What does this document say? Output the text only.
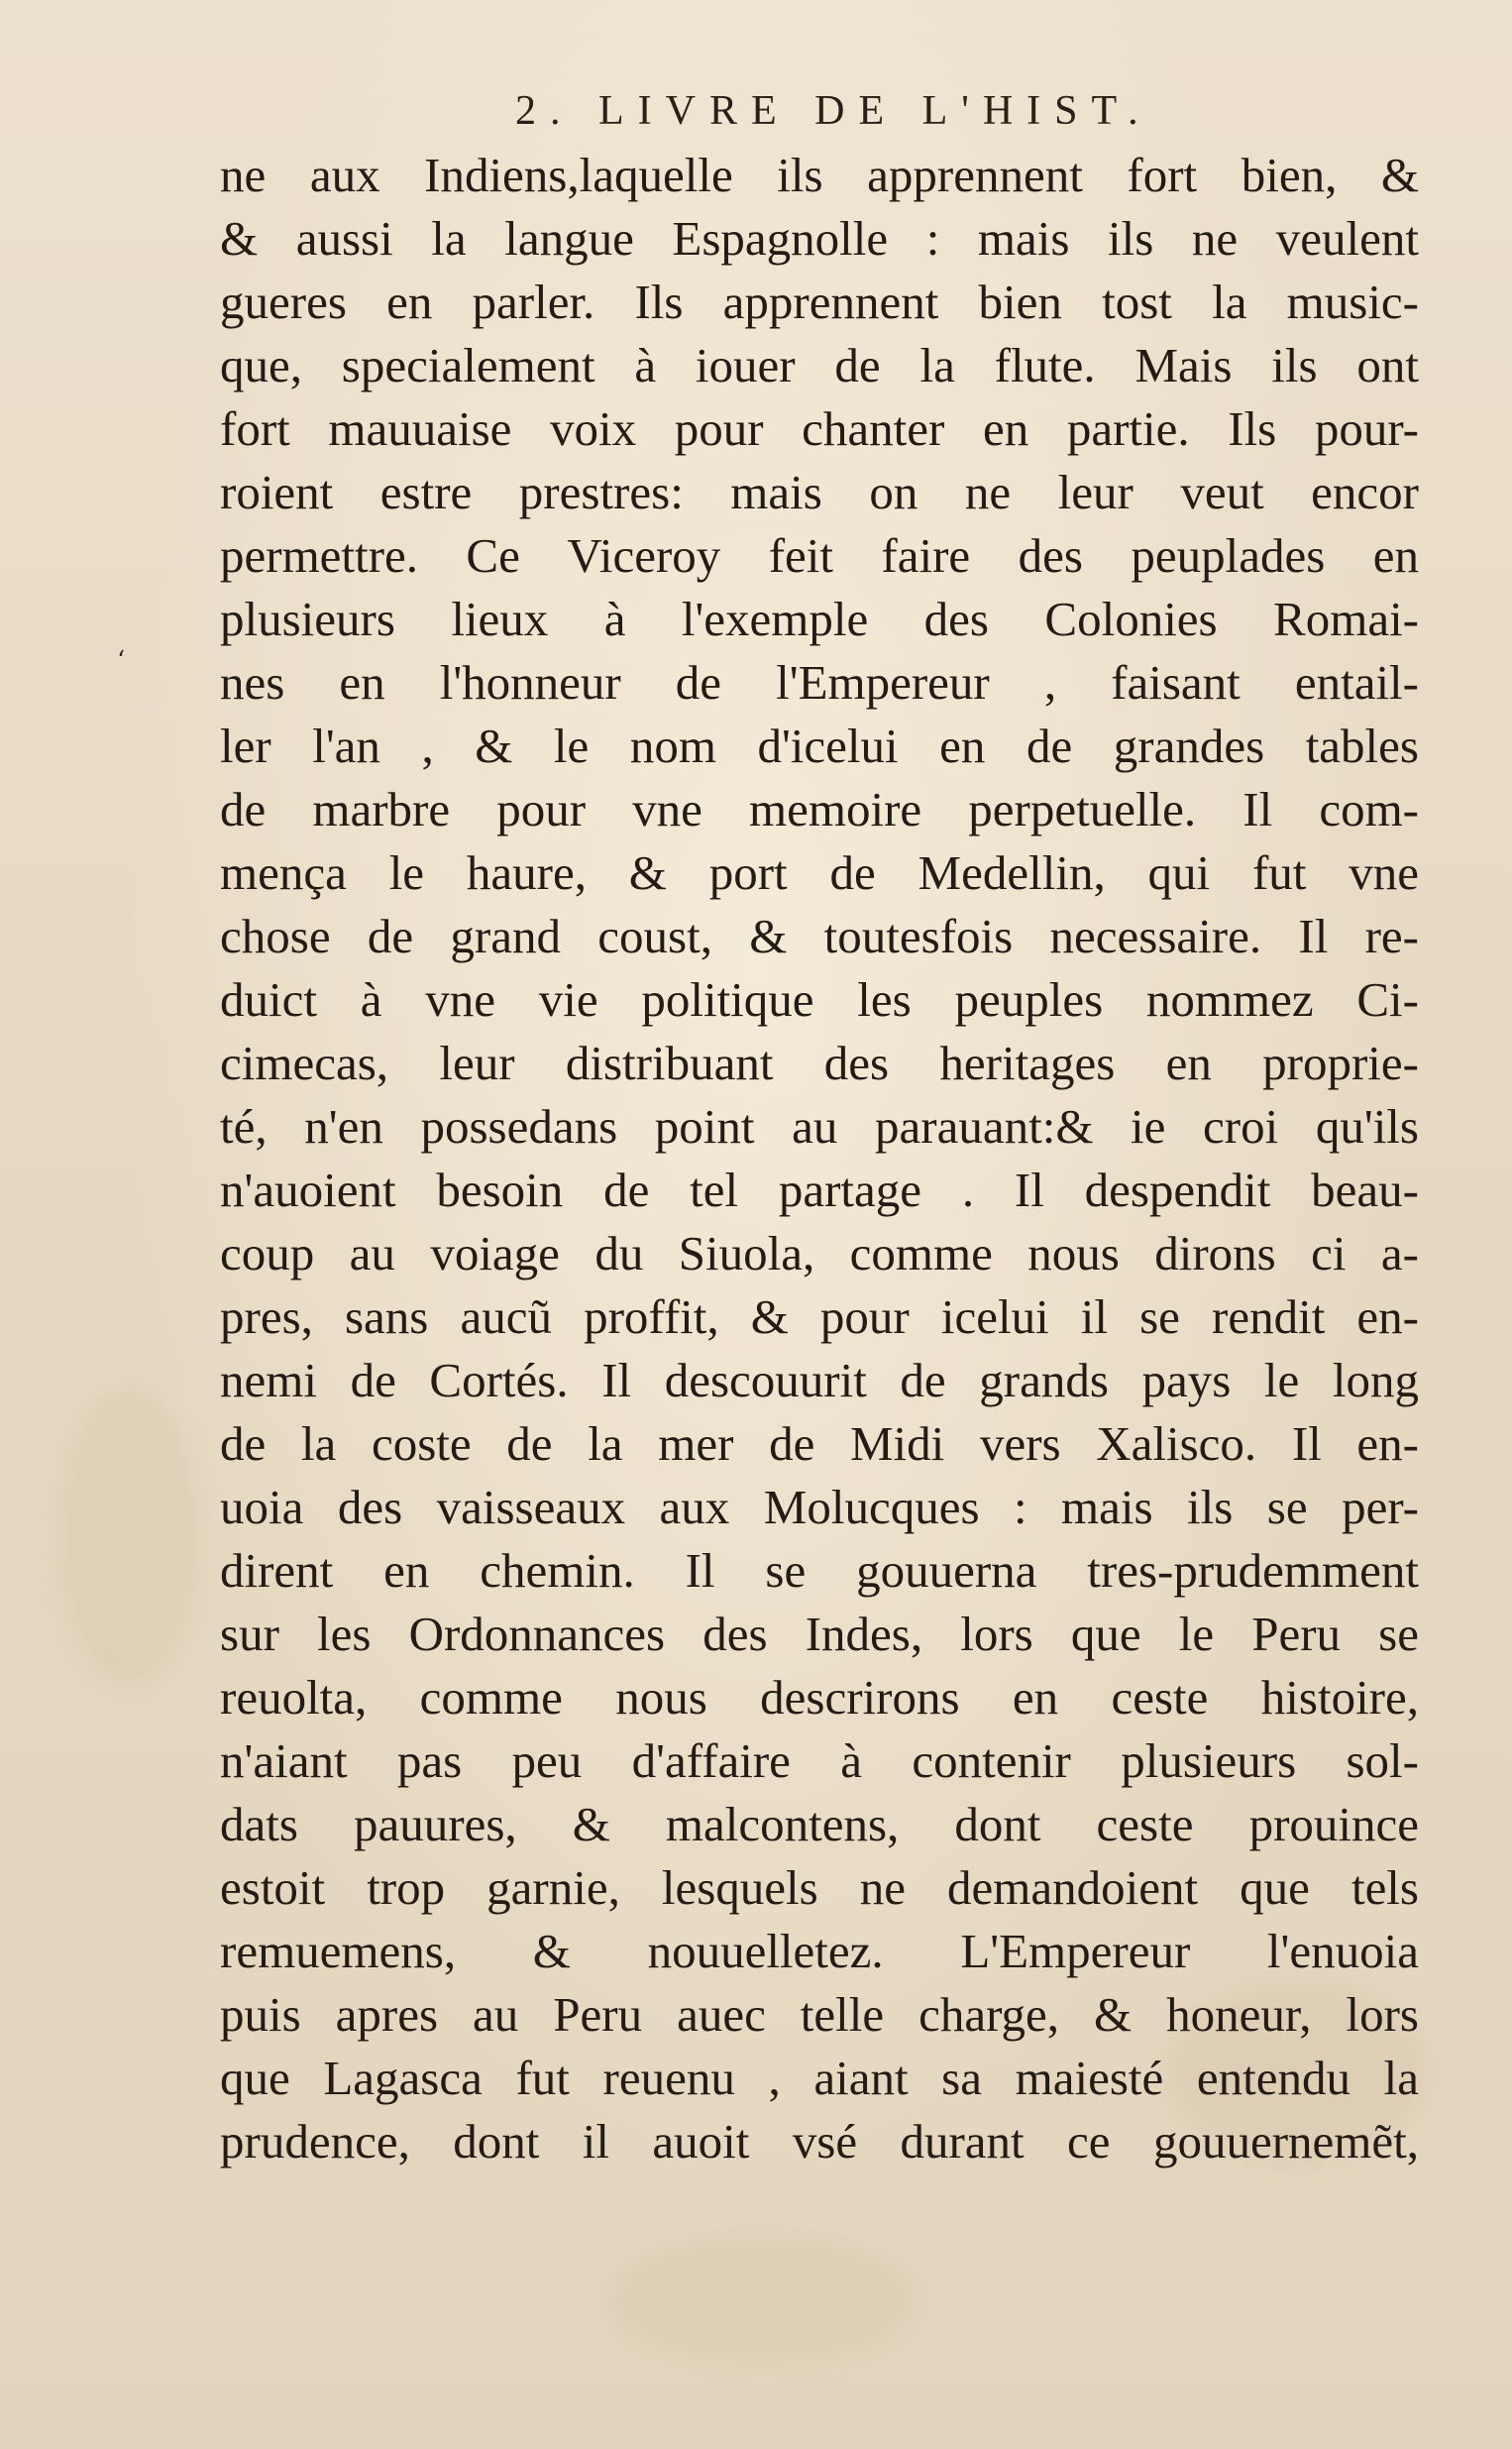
2. LIVRE DE L'HIST.
‘
ne aux Indiens,laquelle ils apprennent fort bien, &
& aussi la langue Espagnolle : mais ils ne veulent
gueres en parler. Ils apprennent bien tost la music-
que, specialement à iouer de la flute. Mais ils ont
fort mauuaise voix pour chanter en partie. Ils pour-
roient estre prestres: mais on ne leur veut encor
permettre. Ce Viceroy feit faire des peuplades en
plusieurs lieux à l'exemple des Colonies Romai-
nes en l'honneur de l'Empereur , faisant entail-
ler l'an , & le nom d'icelui en de grandes tables
de marbre pour vne memoire perpetuelle. Il com-
mença le haure, & port de Medellin, qui fut vne
chose de grand coust, & toutesfois necessaire. Il re-
duict à vne vie politique les peuples nommez Ci-
cimecas, leur distribuant des heritages en proprie-
té, n'en possedans point au parauant:& ie croi qu'ils
n'auoient besoin de tel partage . Il despendit beau-
coup au voiage du Siuola, comme nous dirons ci a-
pres, sans aucũ proffit, & pour icelui il se rendit en-
nemi de Cortés. Il descouurit de grands pays le long
de la coste de la mer de Midi vers Xalisco. Il en-
uoia des vaisseaux aux Molucques : mais ils se per-
dirent en chemin. Il se gouuerna tres-prudemment
sur les Ordonnances des Indes, lors que le Peru se
reuolta, comme nous descrirons en ceste histoire,
n'aiant pas peu d'affaire à contenir plusieurs sol-
dats pauures, & malcontens, dont ceste prouince
estoit trop garnie, lesquels ne demandoient que tels
remuemens, & nouuelletez. L'Empereur l'enuoia
puis apres au Peru auec telle charge, & honeur, lors
que Lagasca fut reuenu , aiant sa maiesté entendu la
prudence, dont il auoit vsé durant ce gouuernemẽt,
